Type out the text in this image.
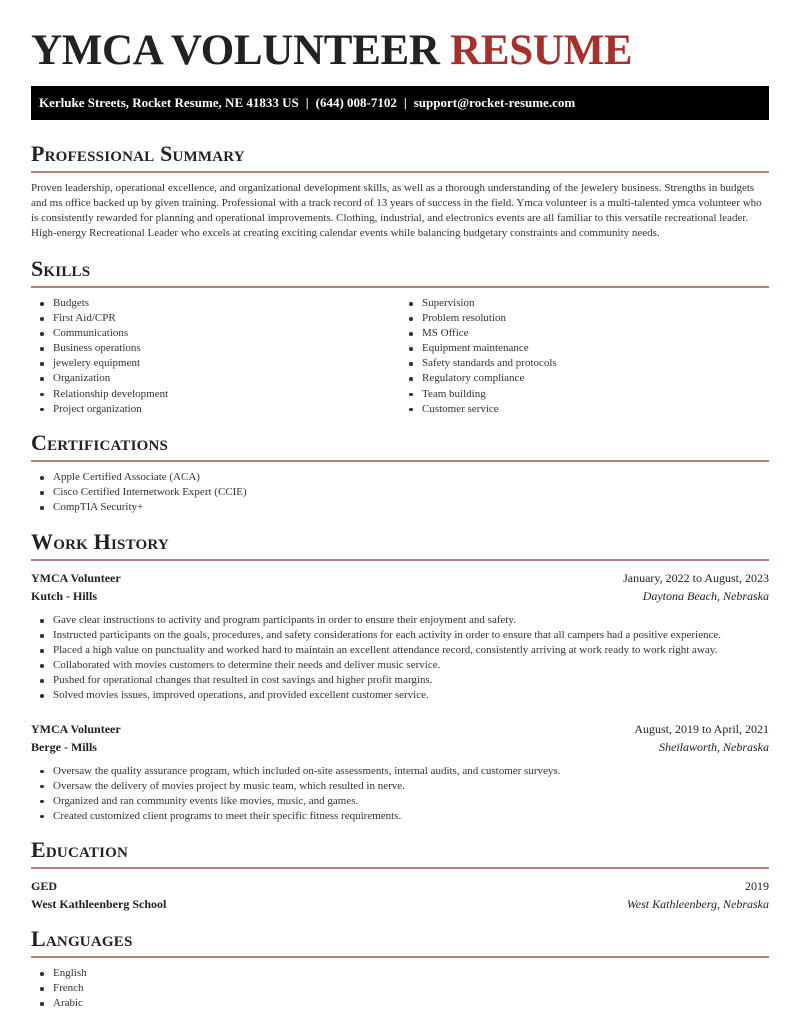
YMCA VOLUNTEER RESUME
Kerluke Streets, Rocket Resume, NE 41833 US | (644) 008-7102 | support@rocket-resume.com
Professional Summary

Proven leadership, operational excellence, and organizational development skills, as well as a thorough understanding of the jewelery business. Strengths in budgets and ms office backed up by given training. Professional with a track record of 13 years of success in the field. Ymca volunteer is a multi-talented ymca volunteer who is consistently rewarded for planning and operational improvements. Clothing, industrial, and electronics events are all familiar to this versatile recreational leader. High-energy Recreational Leader who excels at creating exciting calendar events while balancing budgetary constraints and community needs.

Skills
Budgets
First Aid/CPR
Communications
Business operations
jewelery equipment
Organization
Relationship development
Project organization
Supervision
Problem resolution
MS Office
Equipment maintenance
Safety standards and protocols
Regulatory compliance
Team building
Customer service
Certifications
Apple Certified Associate (ACA)
Cisco Certified Internetwork Expert (CCIE)
CompTIA Security+
Work History
YMCA Volunteer	January, 2022 to August, 2023
Kutch - Hills	Daytona Beach, Nebraska
Gave clear instructions to activity and program participants in order to ensure their enjoyment and safety.
Instructed participants on the goals, procedures, and safety considerations for each activity in order to ensure that all campers had a positive experience.
Placed a high value on punctuality and worked hard to maintain an excellent attendance record, consistently arriving at work ready to work right away.
Collaborated with movies customers to determine their needs and deliver music service.
Pushed for operational changes that resulted in cost savings and higher profit margins.
Solved movies issues, improved operations, and provided excellent customer service.
YMCA Volunteer	August, 2019 to April, 2021
Berge - Mills	Sheilaworth, Nebraska
Oversaw the quality assurance program, which included on-site assessments, internal audits, and customer surveys.
Oversaw the delivery of movies project by music team, which resulted in nerve.
Organized and ran community events like movies, music, and games.
Created customized client programs to meet their specific fitness requirements.
Education
GED	2019
West Kathleenberg School	West Kathleenberg, Nebraska
Languages
English
French
Arabic
